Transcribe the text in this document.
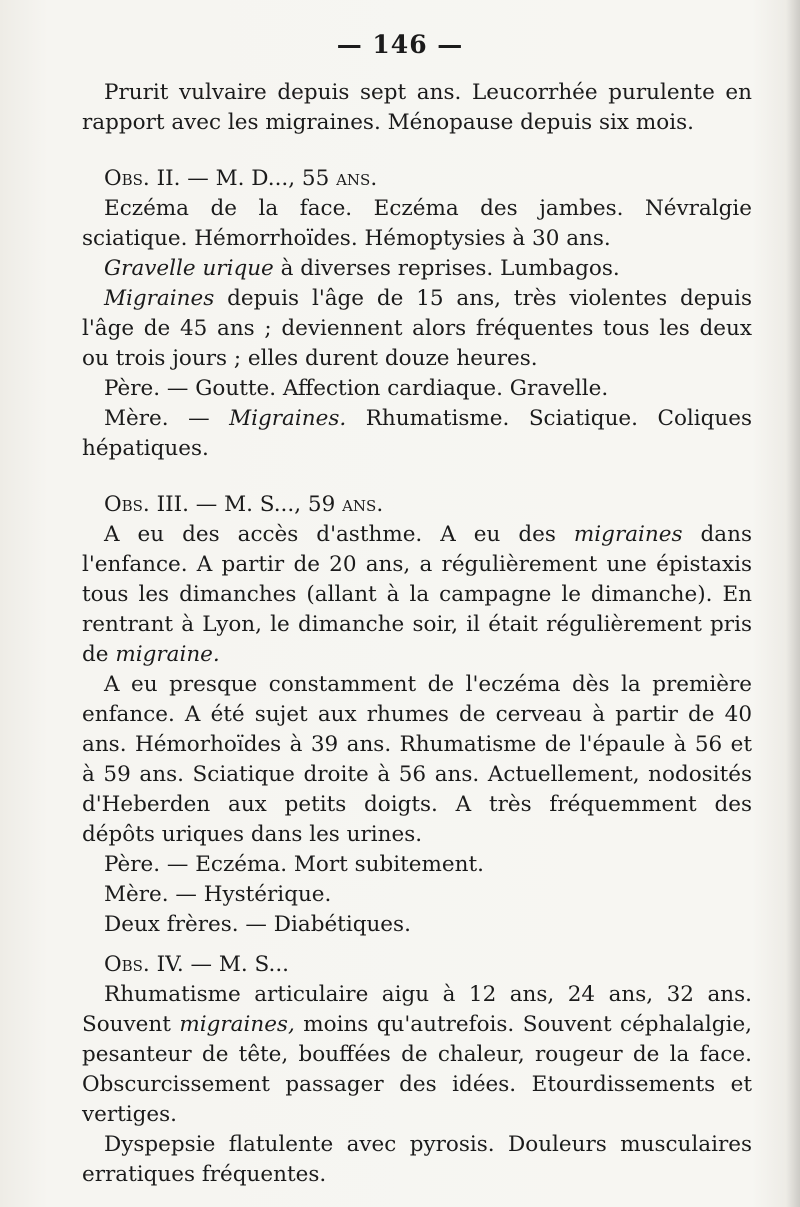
— 146 —

Prurit vulvaire depuis sept ans. Leucorrhée purulente en rapport avec les migraines. Ménopause depuis six mois.

Obs. II. — M. D..., 55 ans.

Eczéma de la face. Eczéma des jambes. Névralgie sciatique. Hémorrhoïdes. Hémoptysies à 30 ans.

Gravelle urique à diverses reprises. Lumbagos.

Migraines depuis l'âge de 15 ans, très violentes depuis l'âge de 45 ans ; deviennent alors fréquentes tous les deux ou trois jours ; elles durent douze heures.

Père. — Goutte. Affection cardiaque. Gravelle.

Mère. — Migraines. Rhumatisme. Sciatique. Coliques hépatiques.

Obs. III. — M. S..., 59 ans.

A eu des accès d'asthme. A eu des migraines dans l'enfance. A partir de 20 ans, a régulièrement une épistaxis tous les dimanches (allant à la campagne le dimanche). En rentrant à Lyon, le dimanche soir, il était régulièrement pris de migraine.

A eu presque constamment de l'eczéma dès la première enfance. A été sujet aux rhumes de cerveau à partir de 40 ans. Hémorhoïdes à 39 ans. Rhumatisme de l'épaule à 56 et à 59 ans. Sciatique droite à 56 ans. Actuellement, nodosités d'Heberden aux petits doigts. A très fréquemment des dépôts uriques dans les urines.

Père. — Eczéma. Mort subitement.

Mère. — Hystérique.

Deux frères. — Diabétiques.

Obs. IV. — M. S...

Rhumatisme articulaire aigu à 12 ans, 24 ans, 32 ans. Souvent migraines, moins qu'autrefois. Souvent céphalalgie, pesanteur de tête, bouffées de chaleur, rougeur de la face. Obscurcissement passager des idées. Etourdissements et vertiges.

Dyspepsie flatulente avec pyrosis. Douleurs musculaires erratiques fréquentes.
